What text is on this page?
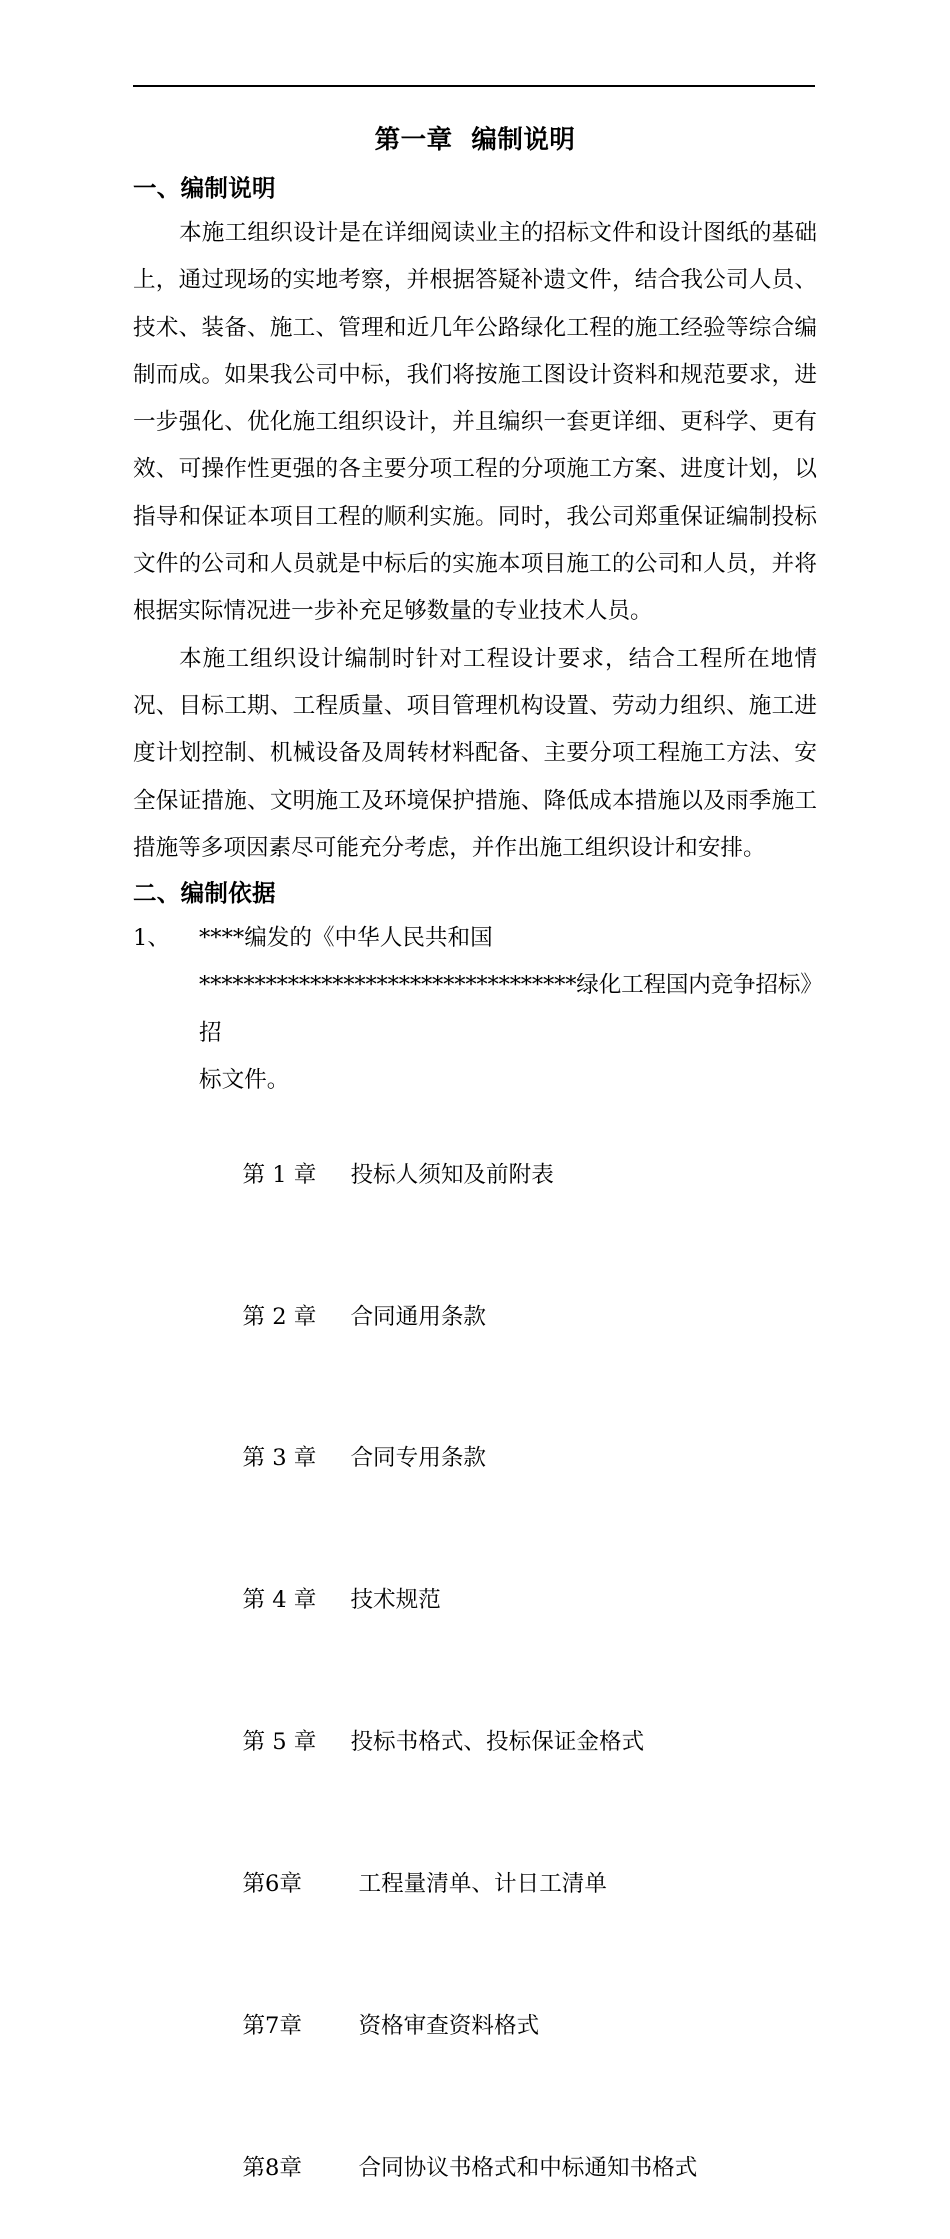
第一章  编制说明
一、编制说明

本施工组织设计是在详细阅读业主的招标文件和设计图纸的基础上，通过现场的实地考察，并根据答疑补遗文件，结合我公司人员、技术、装备、施工、管理和近几年公路绿化工程的施工经验等综合编制而成。如果我公司中标，我们将按施工图设计资料和规范要求，进一步强化、优化施工组织设计，并且编织一套更详细、更科学、更有效、可操作性更强的各主要分项工程的分项施工方案、进度计划，以指导和保证本项目工程的顺利实施。同时，我公司郑重保证编制投标文件的公司和人员就是中标后的实施本项目施工的公司和人员，并将根据实际情况进一步补充足够数量的专业技术人员。

本施工组织设计编制时针对工程设计要求，结合工程所在地情况、目标工期、工程质量、项目管理机构设置、劳动力组织、施工进度计划控制、机械设备及周转材料配备、主要分项工程施工方法、安全保证措施、文明施工及环境保护措施、降低成本措施以及雨季施工措施等多项因素尽可能充分考虑，并作出施工组织设计和安排。

二、编制依据
1、	****编发的《中华人民共和国
**********************************绿化工程国内竞争招标》招
标文件。

第 1 章 投标人须知及前附表

第 2 章 合同通用条款

第 3 章 合同专用条款

第 4 章 技术规范

第 5 章 投标书格式、投标保证金格式

第6章 工程量清单、计日工清单

第7章 资格审查资料格式

第8章 合同协议书格式和中标通知书格式
